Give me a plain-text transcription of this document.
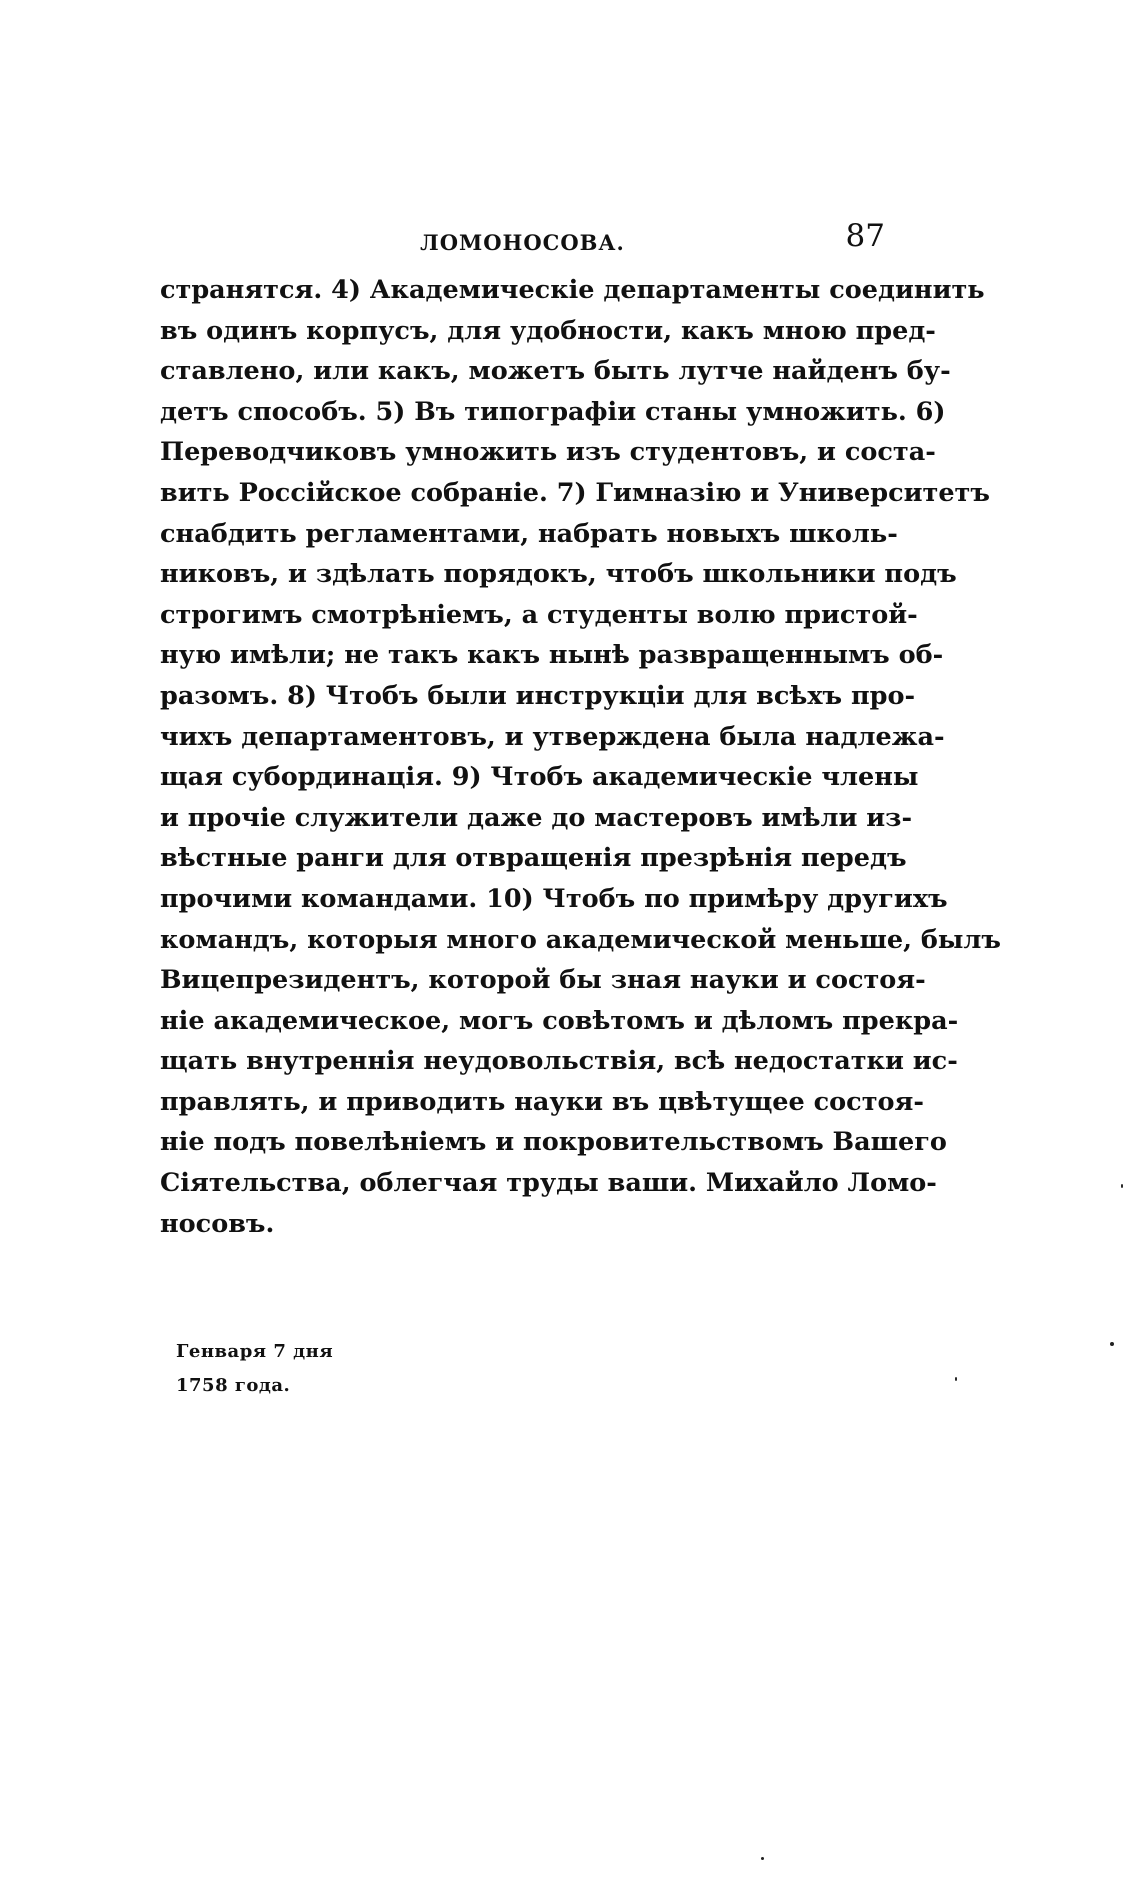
ЛОМОНОСОВА.	87
странятся. 4) Академическіе департаменты соединить
въ одинъ корпусъ, для удобности, какъ мною пред-
ставлено, или какъ, можетъ быть лутче найденъ бу-
детъ способъ. 5) Въ типографіи станы умножить. 6)
Переводчиковъ умножить изъ студентовъ, и соста-
вить Россійское собраніе. 7) Гимназію и Университетъ
снабдить регламентами, набрать новыхъ школь-
никовъ, и здѣлать порядокъ, чтобъ школьники подъ
строгимъ смотрѣніемъ, а студенты волю пристой-
ную имѣли; не такъ какъ нынѣ развращеннымъ об-
разомъ. 8) Чтобъ были инструкціи для всѣхъ про-
чихъ департаментовъ, и утверждена была надлежа-
щая субординація. 9) Чтобъ академическіе члены
и прочіе служители даже до мастеровъ имѣли из-
вѣстные ранги для отвращенія презрѣнія передъ
прочими командами. 10) Чтобъ по примѣру другихъ
командъ, которыя много академической меньше, былъ
Вицепрезидентъ, которой бы зная науки и состоя-
ніе академическое, могъ совѣтомъ и дѣломъ прекра-
щать внутреннія неудовольствія, всѣ недостатки ис-
правлять, и приводить науки въ цвѣтущее состоя-
ніе подъ повелѣніемъ и покровительствомъ Вашего
Сіятельства, облегчая труды ваши. Михайло Ломо-
носовъ.
Генваря 7 дня
1758 года.
